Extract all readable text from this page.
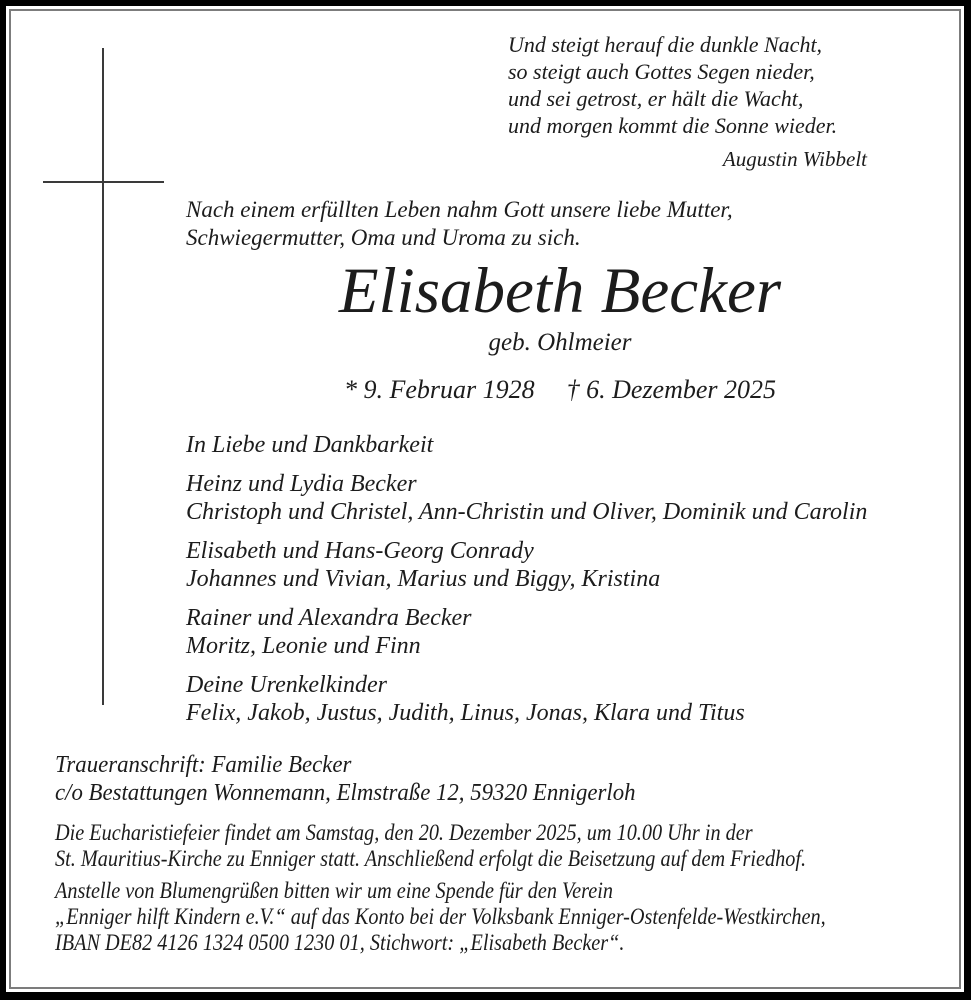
Und steigt herauf die dunkle Nacht,
so steigt auch Gottes Segen nieder,
und sei getrost, er hält die Wacht,
und morgen kommt die Sonne wieder.
Augustin Wibbelt
Nach einem erfüllten Leben nahm Gott unsere liebe Mutter,
Schwiegermutter, Oma und Uroma zu sich.
Elisabeth Becker
geb. Ohlmeier
* 9. Februar 1928 † 6. Dezember 2025
In Liebe und Dankbarkeit
Heinz und Lydia Becker
Christoph und Christel, Ann-Christin und Oliver, Dominik und Carolin
Elisabeth und Hans-Georg Conrady
Johannes und Vivian, Marius und Biggy, Kristina
Rainer und Alexandra Becker
Moritz, Leonie und Finn
Deine Urenkelkinder
Felix, Jakob, Justus, Judith, Linus, Jonas, Klara und Titus
Traueranschrift: Familie Becker
c/o Bestattungen Wonnemann, Elmstraße 12, 59320 Ennigerloh
Die Eucharistiefeier findet am Samstag, den 20. Dezember 2025, um 10.00 Uhr in der
St. Mauritius-Kirche zu Enniger statt. Anschließend erfolgt die Beisetzung auf dem Friedhof.
Anstelle von Blumengrüßen bitten wir um eine Spende für den Verein
„Enniger hilft Kindern e.V.“ auf das Konto bei der Volksbank Enniger-Ostenfelde-Westkirchen,
IBAN DE82 4126 1324 0500 1230 01, Stichwort: „Elisabeth Becker“.
